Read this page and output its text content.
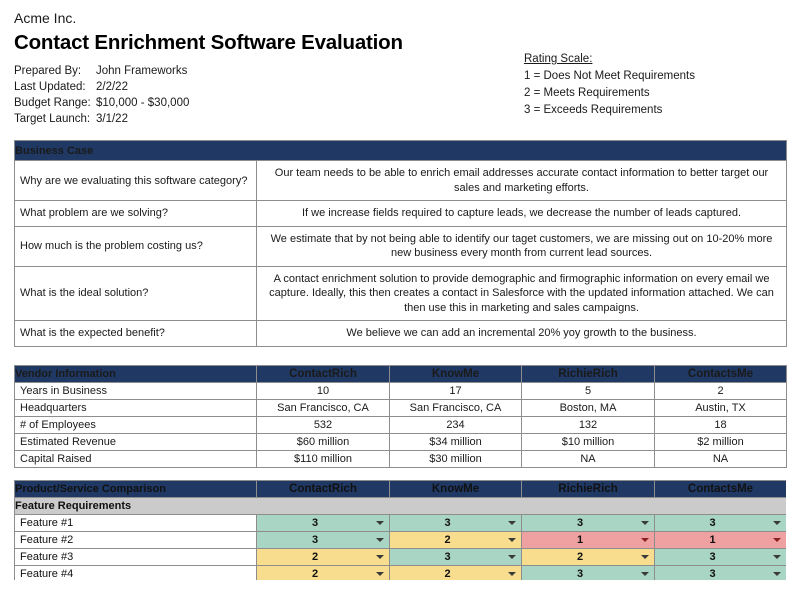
Acme Inc.
Contact Enrichment Software Evaluation
Prepared By:	John Frameworks
Last Updated: 2/2/22
Budget Range: $10,000 - $30,000
Target Launch: 3/1/22
Rating Scale:
1 = Does Not Meet Requirements
2 = Meets Requirements
3 = Exceeds Requirements
Business Case	
Why are we evaluating this software category?	Our team needs to be able to enrich email addresses accurate contact information to better target our sales and marketing efforts.
What problem are we solving?	If we increase fields required to capture leads, we decrease the number of leads captured.
How much is the problem costing us?	We estimate that by not being able to identify our taget customers, we are missing out on 10-20% more new business every month from current lead sources.
What is the ideal solution?	A contact enrichment solution to provide demographic and firmographic information on every email we capture. Ideally, this then creates a contact in Salesforce with the updated information attached. We can then use this in marketing and sales campaigns.
What is the expected benefit?	We believe we can add an incremental 20% yoy growth to the business.
Vendor Information	ContactRich	KnowMe	RichieRich	ContactsMe
Years in Business	10	17	5	2
Headquarters	San Francisco, CA	San Francisco, CA	Boston, MA	Austin, TX
# of Employees	532	234	132	18
Estimated Revenue	$60 million	$34 million	$10 million	$2 million
Capital Raised	$110 million	$30 million	NA	NA
Product/Service Comparison	ContactRich	KnowMe	RichieRich	ContactsMe
Feature Requirements				
Feature #1	3	3	3	3

Feature #2	3	2	1	1

Feature #3	2	3	2	3

Feature #4	2	2	3	3
